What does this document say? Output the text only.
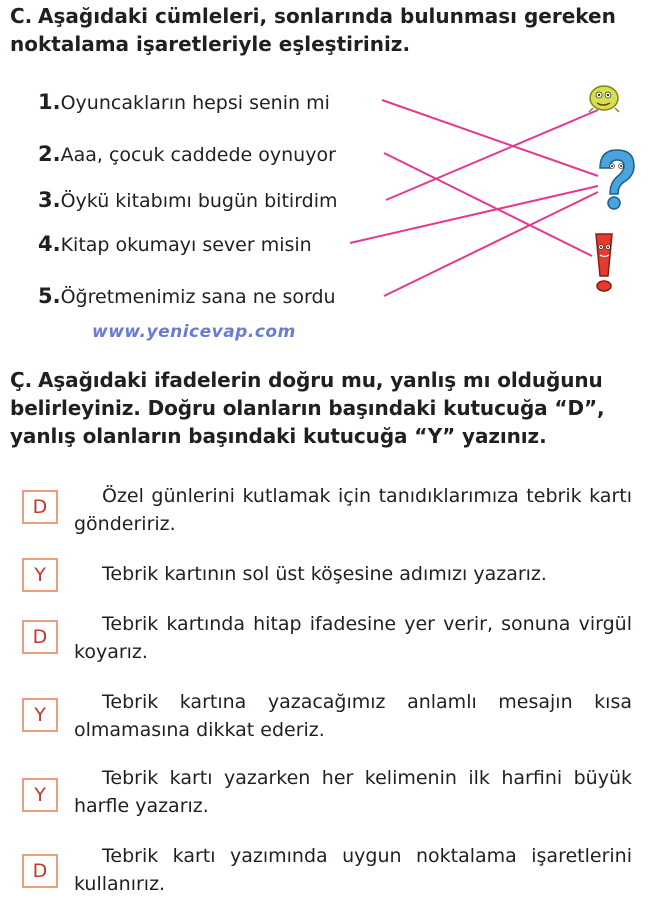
C. Aşağıdaki cümleleri, sonlarında bulunması gereken noktalama işaretleriyle eşleştiriniz.
1.Oyuncakların hepsi senin mi
2.Aaa, çocuk caddede oynuyor
3.Öykü kitabımı bugün bitirdim
4.Kitap okumayı sever misin
5.Öğretmenimiz sana ne sordu
www.yenicevap.com
Ç. Aşağıdaki ifadelerin doğru mu, yanlış mı olduğunu belirleyiniz. Doğru olanların başındaki kutucuğa “D”, yanlış olanların başındaki kutucuğa “Y” yazınız.
D	Özel günlerini kutlamak için tanıdıklarımıza tebrik kartı göndeririz.
Y	Tebrik kartının sol üst köşesine adımızı yazarız.
D
Tebrik kartında hitap ifadesine yer verir, sonuna virgül koyarız.
Y
Tebrik kartına yazacağımız anlamlı mesajın kısa olmamasına dikkat ederiz.
Y
Tebrik kartı yazarken her kelimenin ilk harfini büyük harfle yazarız.
D
Tebrik kartı yazımında uygun noktalama işaretlerini kullanırız.
